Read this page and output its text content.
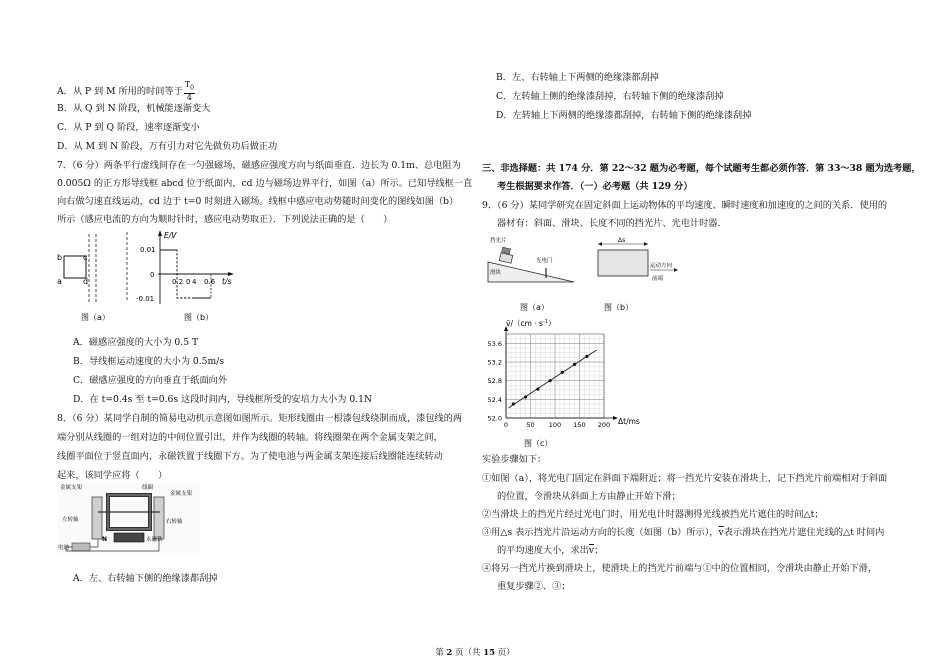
A．从 P 到 M 所用的时间等于 $\frac{T_0}{4}$
B．从 Q 到 N 阶段，机械能逐渐变大
C．从 P 到 Q 阶段，速率逐渐变小
D．从 M 到 N 阶段，万有引力对它先做负功后做正功
7．（6 分）两条平行虚线间存在一匀强磁场，磁感应强度方向与纸面垂直．边长为 0.1m、总电阻为
0.005Ω 的正方形导线框 abcd 位于纸面内，cd 边与磁场边界平行，如图（a）所示。已知导线框一直
向右做匀速直线运动，cd 边于 t=0 时刻进入磁场。线框中感应电动势随时间变化的图线如图（b）
所示（感应电流的方向为顺时针时，感应电动势取正）．下列说法正确的是（　　）
b
a
c
d
图（a）
E/V
t/s
0.01
0
-0.01
0.2 0 4 0.6
图（b）
A．磁感应强度的大小为 0.5 T
B．导线框运动速度的大小为 0.5m/s
C．磁感应强度的方向垂直于纸面向外
D．在 t=0.4s 至 t=0.6s 这段时间内，导线框所受的安培力大小为 0.1N
8．（6 分）某同学自制的简易电动机示意图如图所示。矩形线圈由一根漆包线绕制而成，漆包线的两
端分别从线圈的一组对边的中间位置引出，并作为线圈的转轴。将线圈架在两个金属支架之间，
线圈平面位于竖直面内，永磁铁置于线圈下方。为了使电池与两金属支架连接后线圈能连续转动
起来，该同学应将（　　）
金属支架	线圈
金属支架
左转轴	右转轴
电池
N	永磁铁
A．左、右转轴下侧的绝缘漆都刮掉
B．左、右转轴上下两侧的绝缘漆都刮掉
C．左转轴上侧的绝缘漆刮掉，右转轴下侧的绝缘漆刮掉
D．左转轴上下两侧的绝缘漆都刮掉，右转轴下侧的绝缘漆刮掉
三、非选择题：共 174 分．第 22～32 题为必考题，每个试题考生都必须作答．第 33～38 题为选考题，
考生根据要求作答．（一）必考题（共 129 分）
9．（6 分）某同学研究在固定斜面上运动物体的平均速度、瞬时速度和加速度的之间的关系．使用的
器材有：斜面、滑块、长度不同的挡光片、光电计时器．
挡光片
滑块
光电门
图（a）
Δs
运动方向
前端
图（b）
53.6
53.2
52.8
52.4
52.0
0	50 100 150 200
v̄/（cm · $s^{-1}$）
Δt/ms
图（c）
实验步骤如下：
①如图（a），将光电门固定在斜面下端附近；将一挡光片安装在滑块上，记下挡光片前端相对于斜面
的位置，令滑块从斜面上方由静止开始下滑；
②当滑块上的挡光片经过光电门时，用光电计时器测得光线被挡光片遮住的时间△t；
③用△s 表示挡光片沿运动方向的长度（如图（b）所示），$\overline{v}$表示滑块在挡光片遮住光线的△t 时间内
的平均速度大小，求出$\overline{v}$；
④将另一挡光片换到滑块上，使滑块上的挡光片前端与①中的位置相同，令滑块由静止开始下滑，
重复步骤②、③；
第 2 页（共 15 页）
